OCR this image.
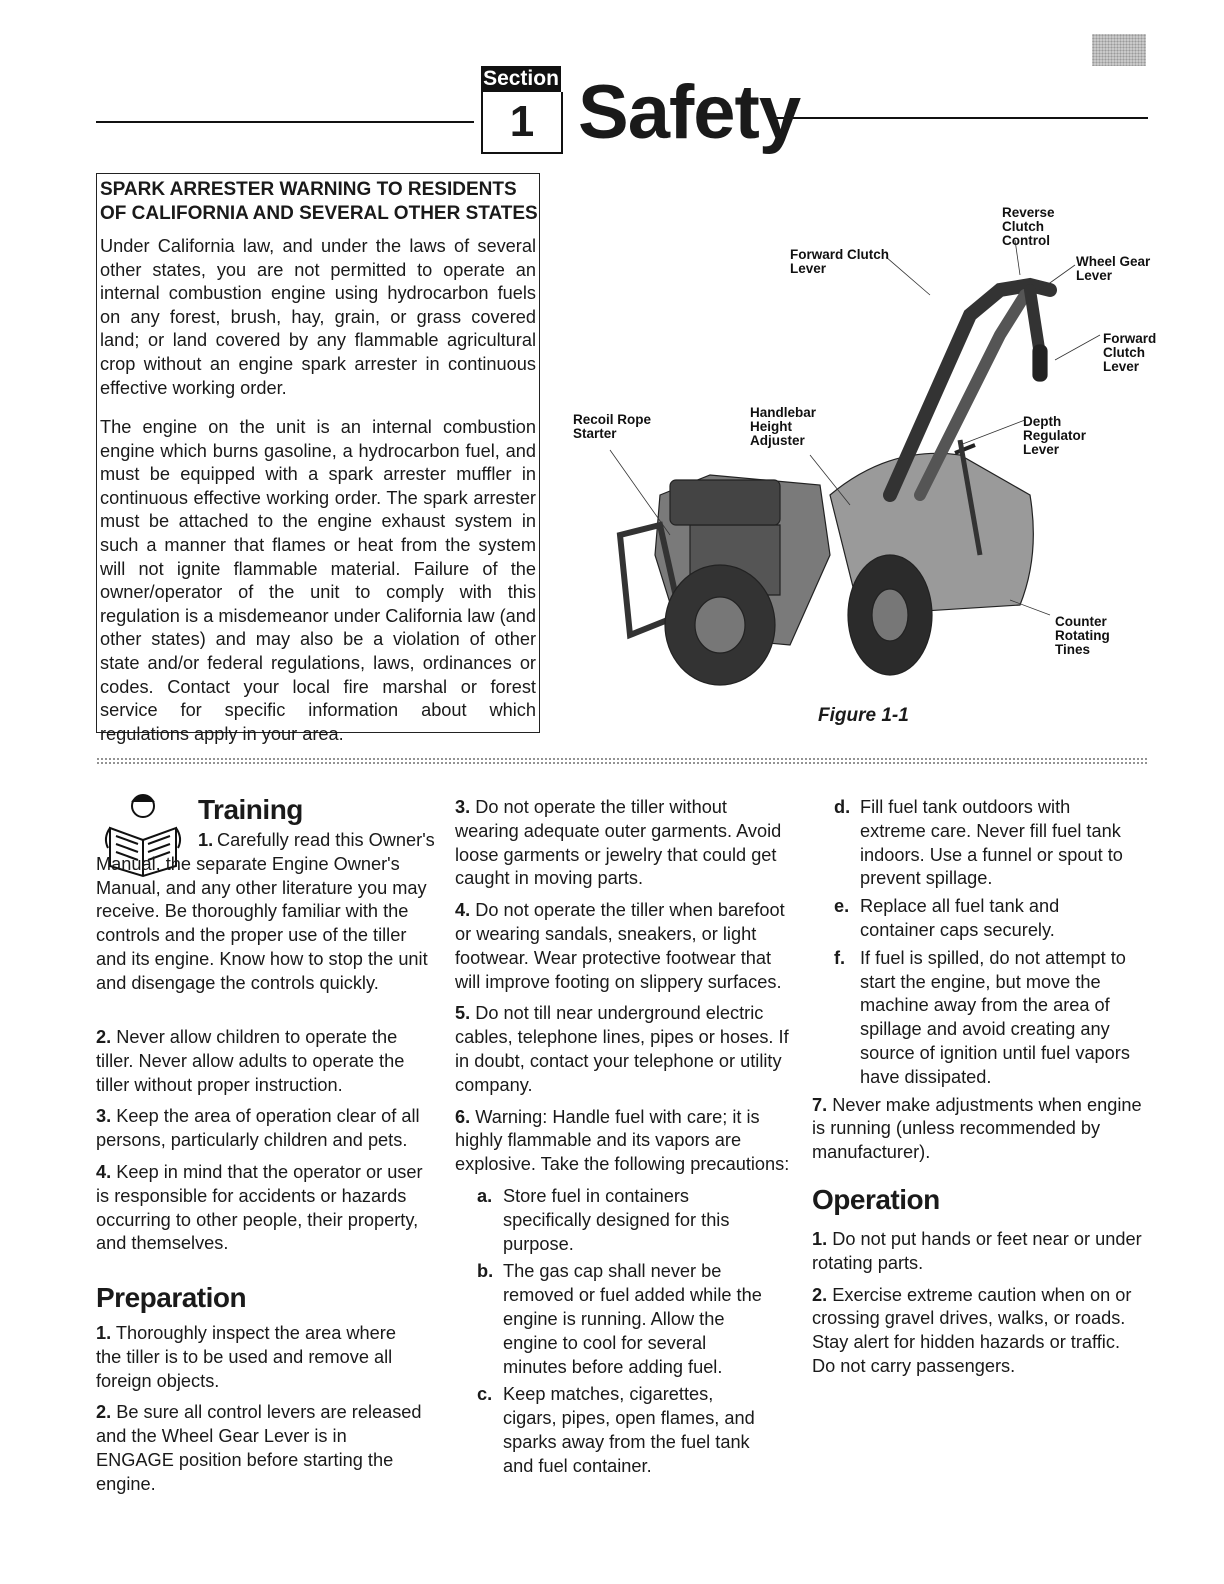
Section
1 Safety
SPARK ARRESTER WARNING TO RESIDENTS OF CALIFORNIA AND SEVERAL OTHER STATES

Under California law, and under the laws of several other states, you are not permitted to operate an internal combustion engine using hydrocarbon fuels on any forest, brush, hay, grain, or grass covered land; or land covered by any flammable agricultural crop without an engine spark arrester in continuous effective working order.

The engine on the unit is an internal combustion engine which burns gasoline, a hydrocarbon fuel, and must be equipped with a spark arrester muffler in continuous effective working order. The spark arrester must be attached to the engine exhaust system in such a manner that flames or heat from the system will not ignite flammable material. Failure of the owner/operator of the unit to comply with this regulation is a misdemeanor under California law (and other states) and may also be a violation of other state and/or federal regulations, laws, ordinances or codes. Contact your local fire marshal or forest service for specific information about which regulations apply in your area.

Reverse Clutch Control
Forward Clutch Lever	Wheel Gear Lever
Forward Clutch Lever
Recoil Rope Starter
Handlebar Height Adjuster
Depth Regulator Lever
Counter Rotating Tines
Figure 1-1
Training
1. Carefully read this Owner's Manual, the separate Engine Owner's Manual, and any other literature you may receive. Be thoroughly familiar with the controls and the proper use of the tiller and its engine. Know how to stop the unit and disengage the controls quickly.

2. Never allow children to operate the tiller. Never allow adults to operate the tiller without proper instruction.

3. Keep the area of operation clear of all persons, particularly children and pets.

4. Keep in mind that the operator or user is responsible for accidents or hazards occurring to other people, their property, and themselves.

Preparation

1. Thoroughly inspect the area where the tiller is to be used and remove all foreign objects.

2. Be sure all control levers are released and the Wheel Gear Lever is in ENGAGE position before starting the engine.

3. Do not operate the tiller without wearing adequate outer garments. Avoid loose garments or jewelry that could get caught in moving parts.

4. Do not operate the tiller when barefoot or wearing sandals, sneakers, or light footwear. Wear protective footwear that will improve footing on slippery surfaces.

5. Do not till near underground electric cables, telephone lines, pipes or hoses. If in doubt, contact your telephone or utility company.

6. Warning: Handle fuel with care; it is highly flammable and its vapors are explosive. Take the following precautions:

a. Store fuel in containers specifically designed for this purpose.
b. The gas cap shall never be removed or fuel added while the engine is running. Allow the engine to cool for several minutes before adding fuel.
c. Keep matches, cigarettes, cigars, pipes, open flames, and sparks away from the fuel tank and fuel container.
d. Fill fuel tank outdoors with extreme care. Never fill fuel tank indoors. Use a funnel or spout to prevent spillage.
e. Replace all fuel tank and container caps securely.
f. If fuel is spilled, do not attempt to start the engine, but move the machine away from the area of spillage and avoid creating any source of ignition until fuel vapors have dissipated.

7. Never make adjustments when engine is running (unless recommended by manufacturer).

Operation

1. Do not put hands or feet near or under rotating parts.

2. Exercise extreme caution when on or crossing gravel drives, walks, or roads. Stay alert for hidden hazards or traffic. Do not carry passengers.
